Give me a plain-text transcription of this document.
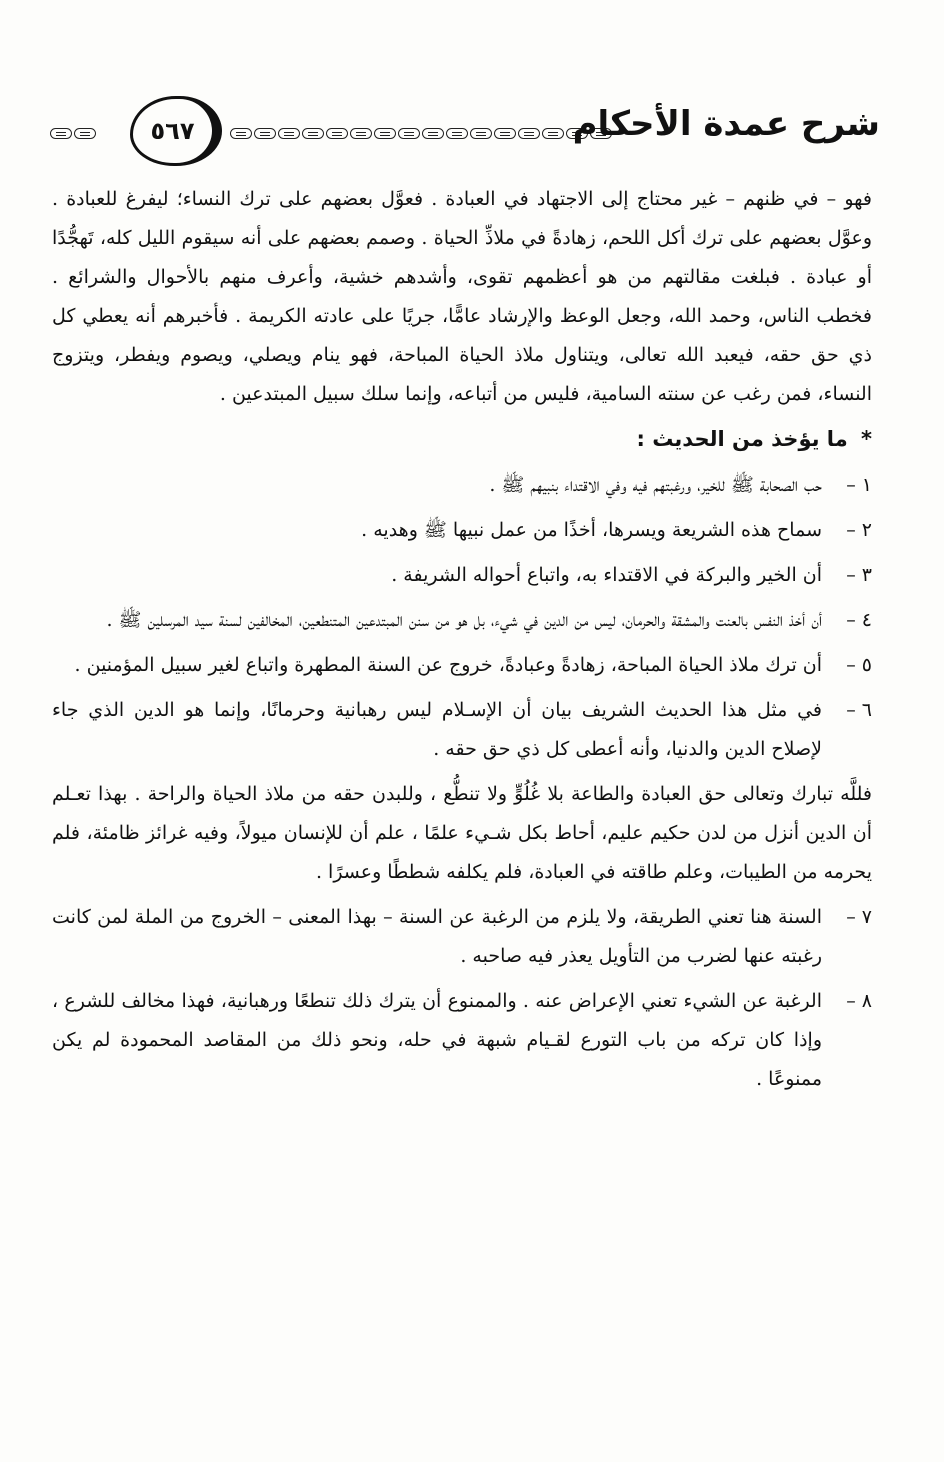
٥٦٧	شرح عمدة الأحكام

فهو – في ظنهم – غير محتاج إلى الاجتهاد في العبادة . فعوَّل بعضهم على ترك النساء؛ ليفرغ للعبادة . وعوَّل بعضهم على ترك أكل اللحم، زهادةً في ملاذِّ الحياة . وصمم بعضهم على أنه سيقوم الليل كله، تَهجُّدًا أو عبادة . فبلغت مقالتهم من هو أعظمهم تقوى، وأشدهم خشية، وأعرف منهم بالأحوال والشرائع . فخطب الناس، وحمد الله، وجعل الوعظ والإرشاد عامًّا، جريًا على عادته الكريمة . فأخبرهم أنه يعطي كل ذي حق حقه، فيعبد الله تعالى، ويتناول ملاذ الحياة المباحة، فهو ينام ويصلي، ويصوم ويفطر، ويتزوج النساء، فمن رغب عن سنته السامية، فليس من أتباعه، وإنما سلك سبيل المبتدعين .

* ما يؤخذ من الحديث :
١ –
حب الصحابة ﷺ للخير، ورغبتهم فيه وفي الاقتداء بنبيهم ﷺ .
٢ –
سماح هذه الشريعة ويسرها، أخذًا من عمل نبيها ﷺ وهديه .
٣ –
أن الخير والبركة في الاقتداء به، واتباع أحواله الشريفة .
٤ –
أن أخذ النفس بالعنت والمشقة والحرمان، ليس من الدين في شيء، بل هو من سنن المبتدعين المتنطعين، المخالفين لسنة سيد المرسلين ﷺ .
٥ –
أن ترك ملاذ الحياة المباحة، زهادةً وعبادةً، خروج عن السنة المطهرة واتباع لغير سبيل المؤمنين .
٦ –
في مثل هذا الحديث الشريف بيان أن الإسـلام ليس رهبانية وحرمانًا، وإنما هو الدين الذي جاء لإصلاح الدين والدنيا، وأنه أعطى كل ذي حق حقه .

فللَّه تبارك وتعالى حق العبادة والطاعة بلا غُلُوٍّ ولا تنطُّع ، وللبدن حقه من ملاذ الحياة والراحة . بهذا تعـلم أن الدين أنزل من لدن حكيم عليم، أحاط بكل شـيء علمًا ، علم أن للإنسان ميولاً، وفيه غرائز ظامئة، فلم يحرمه من الطيبات، وعلم طاقته في العبادة، فلم يكلفه شططًا وعسرًا .

٧ –
السنة هنا تعني الطريقة، ولا يلزم من الرغبة عن السنة – بهذا المعنى – الخروج من الملة لمن كانت رغبته عنها لضرب من التأويل يعذر فيه صاحبه .
٨ –
الرغبة عن الشيء تعني الإعراض عنه . والممنوع أن يترك ذلك تنطعًا ورهبانية، فهذا مخالف للشرع ، وإذا كان تركه من باب التورع لقـيام شبهة في حله، ونحو ذلك من المقاصد المحمودة لم يكن ممنوعًا .
